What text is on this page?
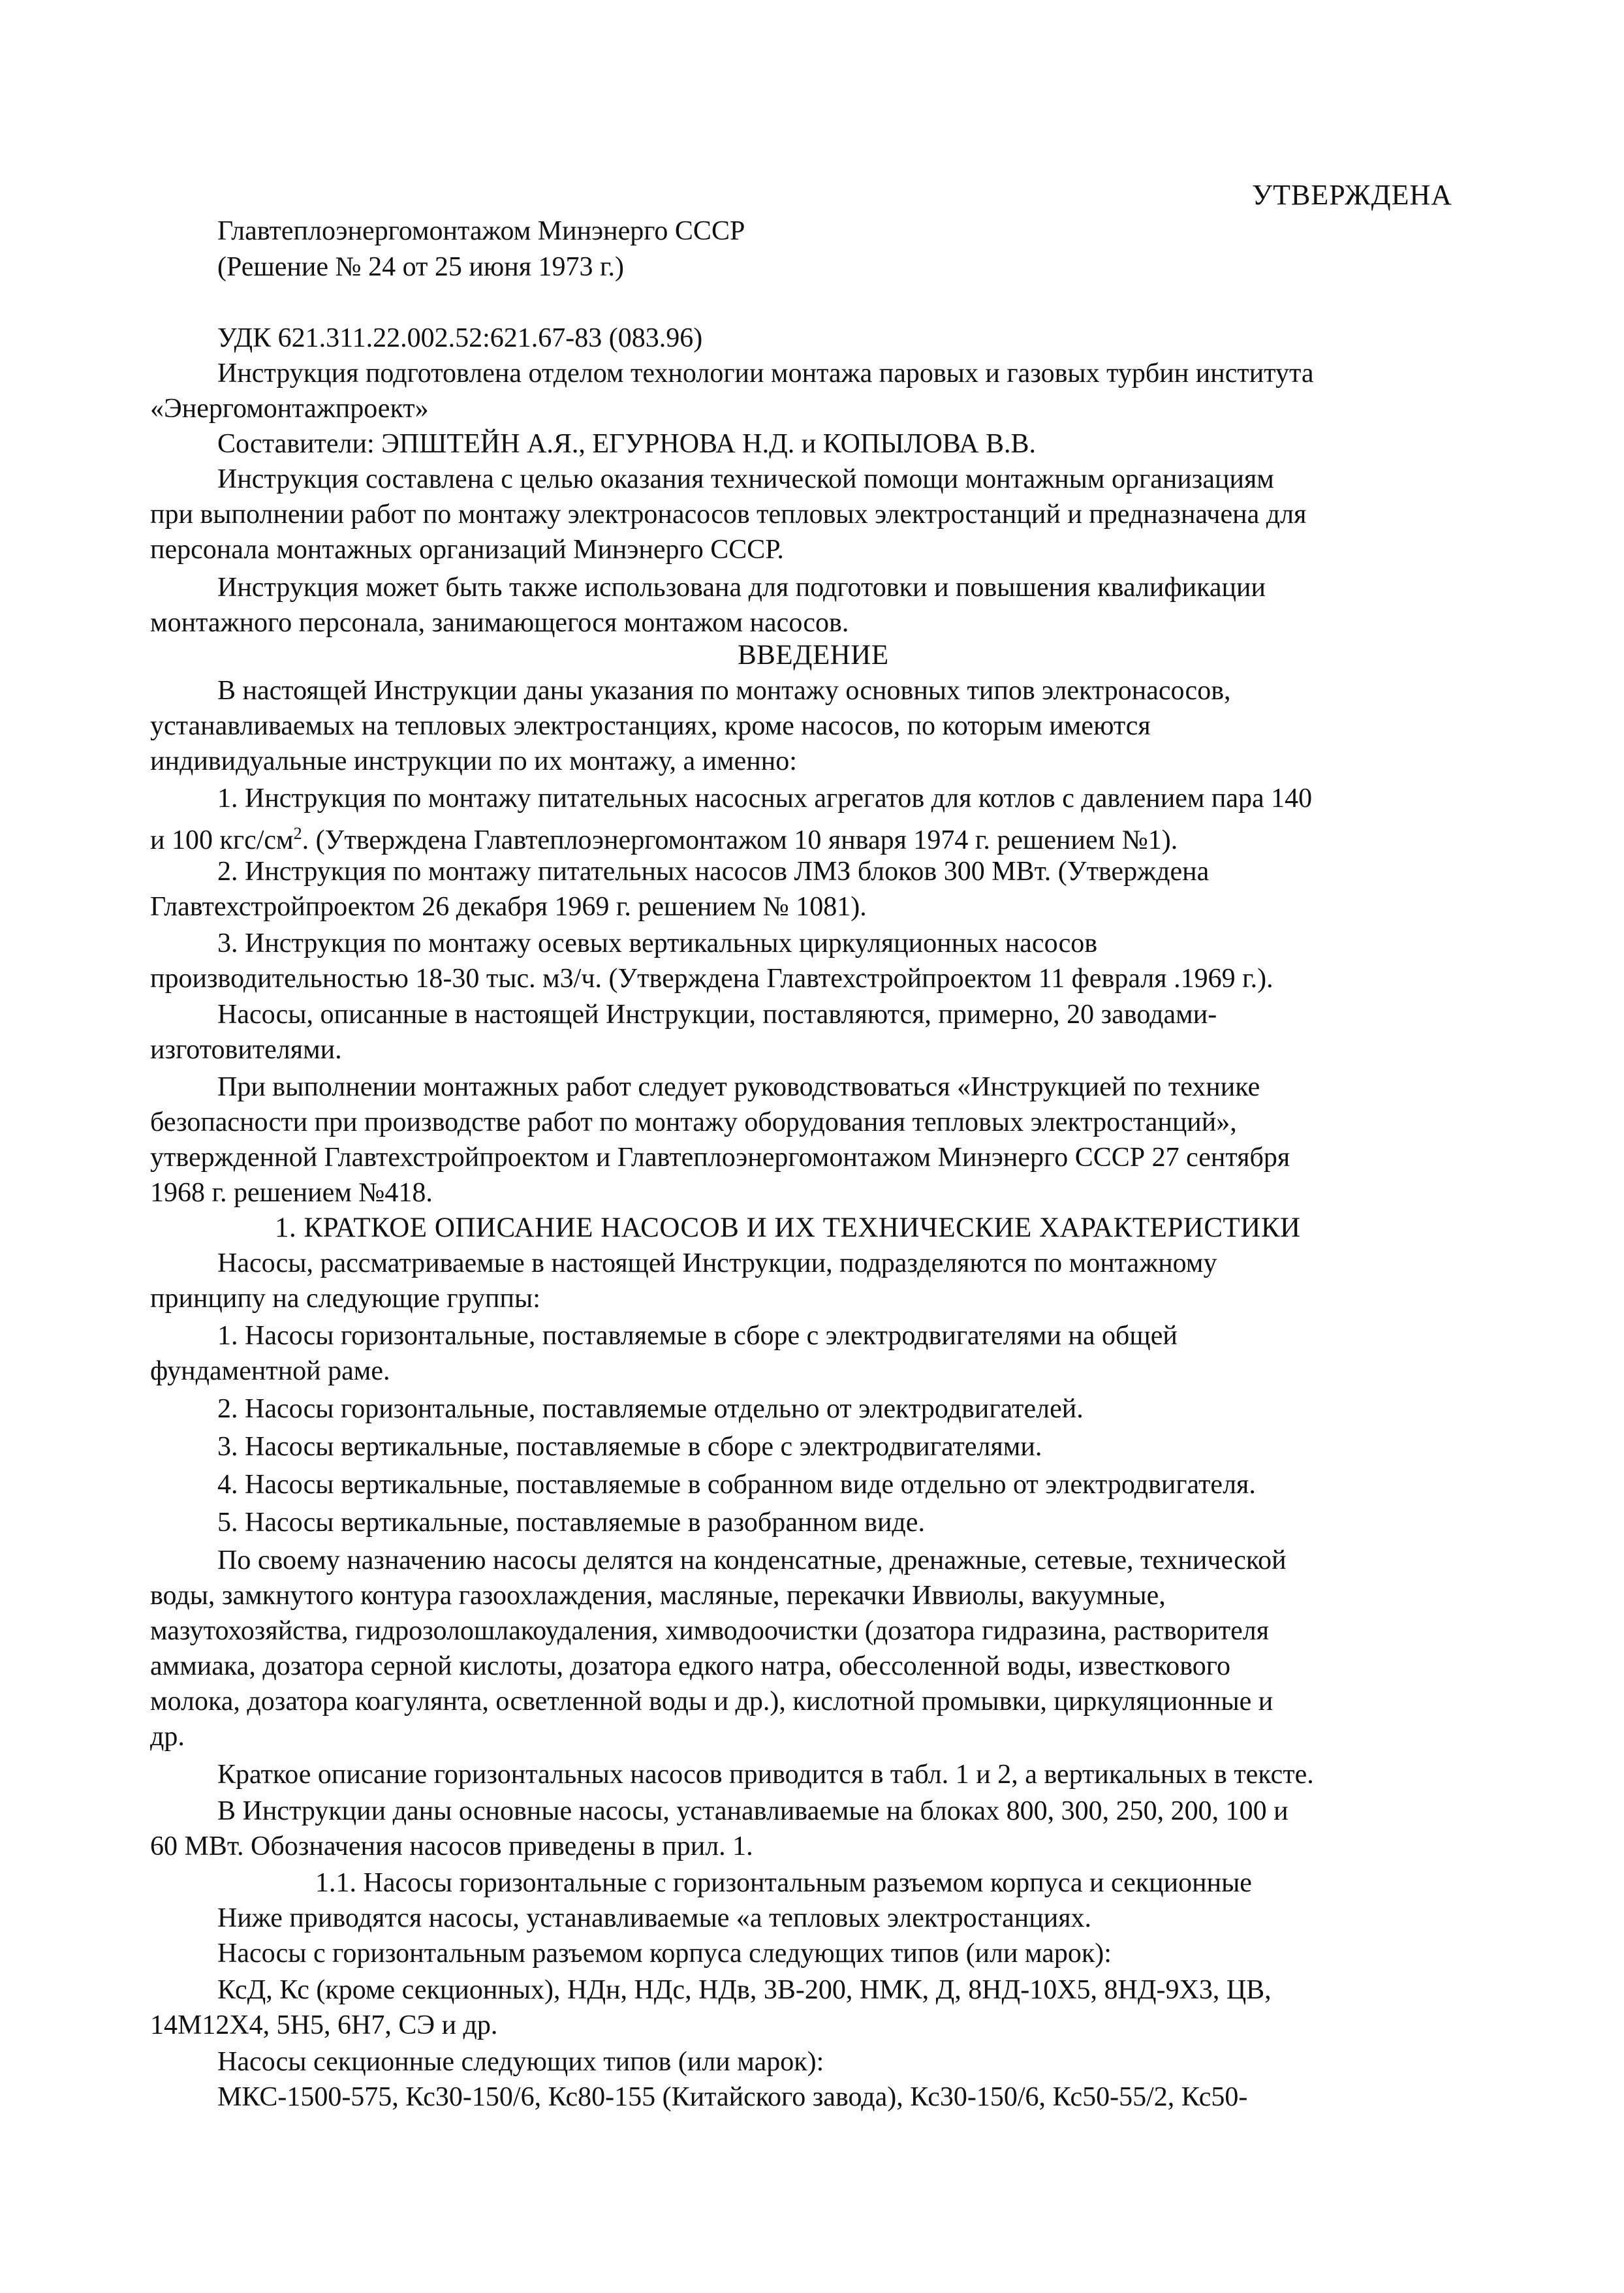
УТВЕРЖДЕНА

Главтеплоэнергомонтажом Минэнерго СССР

(Решение № 24 от 25 июня 1973 г.)

УДК 621.311.22.002.52:621.67-83 (083.96)

Инструкция подготовлена отделом технологии монтажа паровых и газовых турбин института

«Энергомонтажпроект»

Составители: ЭПШТЕЙН А.Я., ЕГУРНОВА Н.Д. и КОПЫЛОВА В.В.

Инструкция составлена с целью оказания технической помощи монтажным организациям

при выполнении работ по монтажу электронасосов тепловых электростанций и предназначена для

персонала монтажных организаций Минэнерго СССР.

Инструкция может быть также использована для подготовки и повышения квалификации

монтажного персонала, занимающегося монтажом насосов.

ВВЕДЕНИЕ

В настоящей Инструкции даны указания по монтажу основных типов электронасосов,

устанавливаемых на тепловых электростанциях, кроме насосов, по которым имеются

индивидуальные инструкции по их монтажу, а именно:

1. Инструкция по монтажу питательных насосных агрегатов для котлов с давлением пара 140

и 100 кгс/$см^2$. (Утверждена Главтеплоэнергомонтажом 10 января 1974 г. решением №1).

2. Инструкция по монтажу питательных насосов ЛМЗ блоков 300 МВт. (Утверждена

Главтехстройпроектом 26 декабря 1969 г. решением № 1081).

3. Инструкция по монтажу осевых вертикальных циркуляционных насосов

производительностью 18-30 тыс. м3/ч. (Утверждена Главтехстройпроектом 11 февраля .1969 г.).

Насосы, описанные в настоящей Инструкции, поставляются, примерно, 20 заводами-

изготовителями.

При выполнении монтажных работ следует руководствоваться «Инструкцией по технике

безопасности при производстве работ по монтажу оборудования тепловых электростанций»,

утвержденной Главтехстройпроектом и Главтеплоэнергомонтажом Минэнерго СССР 27 сентября

1968 г. решением №418.

1. КРАТКОЕ ОПИСАНИЕ НАСОСОВ И ИХ ТЕХНИЧЕСКИЕ ХАРАКТЕРИСТИКИ

Насосы, рассматриваемые в настоящей Инструкции, подразделяются по монтажному

принципу на следующие группы:

1. Насосы горизонтальные, поставляемые в сборе с электродвигателями на общей

фундаментной раме.

2. Насосы горизонтальные, поставляемые отдельно от электродвигателей.

3. Насосы вертикальные, поставляемые в сборе с электродвигателями.

4. Насосы вертикальные, поставляемые в собранном виде отдельно от электродвигателя.

5. Насосы вертикальные, поставляемые в разобранном виде.

По своему назначению насосы делятся на конденсатные, дренажные, сетевые, технической

воды, замкнутого контура газоохлаждения, масляные, перекачки Иввиолы, вакуумные,

мазутохозяйства, гидрозолошлакоудаления, химводоочистки (дозатора гидразина, растворителя

аммиака, дозатора серной кислоты, дозатора едкого натра, обессоленной воды, известкового

молока, дозатора коагулянта, осветленной воды и др.), кислотной промывки, циркуляционные и

др.

Краткое описание горизонтальных насосов приводится в табл. 1 и 2, а вертикальных в тексте.

В Инструкции даны основные насосы, устанавливаемые на блоках 800, 300, 250, 200, 100 и

60 МВт. Обозначения насосов приведены в прил. 1.

1.1. Насосы горизонтальные с горизонтальным разъемом корпуса и секционные

Ниже приводятся насосы, устанавливаемые «а тепловых электростанциях.

Насосы с горизонтальным разъемом корпуса следующих типов (или марок):

КсД, Кс (кроме секционных), НДн, НДс, НДв, 3В-200, НМК, Д, 8НД-10Х5, 8НД-9Х3, ЦВ,

14М12Х4, 5Н5, 6Н7, СЭ и др.

Насосы секционные следующих типов (или марок):

МКС-1500-575, Кс30-150/6, Кс80-155 (Китайского завода), Кс30-150/6, Кс50-55/2, Кс50-
